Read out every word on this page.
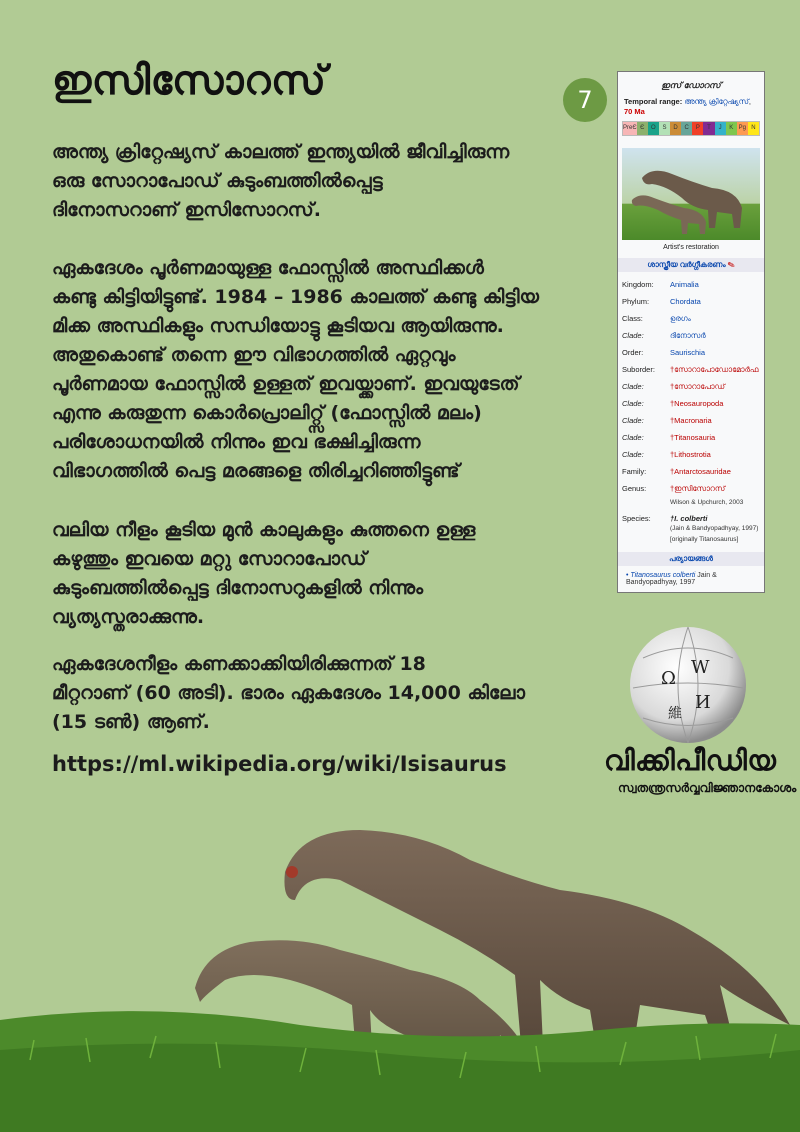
ഇസിസോറസ്
അന്ത്യ ക്രിറ്റേഷ്യസ് കാലത്ത് ഇന്ത്യയിൽ ജീവിച്ചിരുന്ന
ഒരു സോറാപോഡ് കുടുംബത്തിൽപ്പെട്ട
ദിനോസറാണ് ഇസിസോറസ്.
ഏകദേശം പൂർണമായുള്ള ഫോസ്സിൽ അസ്ഥിക്കൾ
കണ്ടു കിട്ടിയിട്ടുണ്ട്. 1984 – 1986 കാലത്ത് കണ്ടു കിട്ടിയ
മിക്ക അസ്ഥികളും സന്ധിയോട്ടു കൂടിയവ ആയിരുന്നു.
അതുകൊണ്ട് തന്നെ ഈ വിഭാഗത്തിൽ ഏറ്റവും
പൂർണമായ ഫോസ്സിൽ ഉള്ളത് ഇവയ്ക്കാണ്. ഇവയുടേത്
എന്നു കരുതുന്ന കൊർപ്രൊലിറ്റ്സ് (ഫോസ്സിൽ മലം)
പരിശോധനയിൽ നിന്നും ഇവ ഭക്ഷിച്ചിരുന്ന
വിഭാഗത്തിൽ പെട്ട മരങ്ങളെ തിരിച്ചറിഞ്ഞിട്ടുണ്ട്
വലിയ നീളം കൂടിയ മുൻ കാലുകളും കുത്തനെ ഉള്ള
കഴുത്തും ഇവയെ മറ്റു സോറാപോഡ്
കുടുംബത്തിൽപ്പെട്ട ദിനോസറുകളിൽ നിന്നും
വ്യത്യസ്തരാക്കുന്നു.
ഏകദേശനീളം കണക്കാക്കിയിരിക്കുന്നത് 18
മീറ്ററാണ് (60 അടി). ഭാരം ഏകദേശം 14,000 കിലോ
(15 ടൺ) ആണ്.
https://ml.wikipedia.org/wiki/Isisaurus
7
ഇസ് ഡോറസ്
Temporal range: അന്ത്യ ക്രിറ്റേഷ്യസ്, 70 Ma
PreЄ Є	O	S	D	C	P	T	J	K Pg N
Artist's restoration
ശാസ്ത്രീയ വർഗ്ഗീകരണം ✎
Kingdom:	Animalia
Phylum:	Chordata
Class:	ഉരഗം
Clade:	ദിനോസർ
Order:	Saurischia
Suborder:	†സോറാപോഡോമോർഫ
Clade:	†സോറാപോഡ്
Clade:	†Neosauropoda
Clade:	†Macronaria
Clade:	†Titanosauria
Clade:	†Lithostrotia
Family:	†Antarctosauridae
Genus:	†ഇസിസോറസ്
Wilson & Upchurch, 2003
Species:	†I. colberti
(Jain & Bandyopadhyay, 1997)
[originally Titanosaurus]
പര്യായങ്ങൾ
• Titanosaurus colberti Jain & Bandyopadhyay, 1997
Ω
W
И
維
വിക്കിപീഡിയ
സ്വതന്ത്രസർവ്വവിജ്ഞാനകോശം
